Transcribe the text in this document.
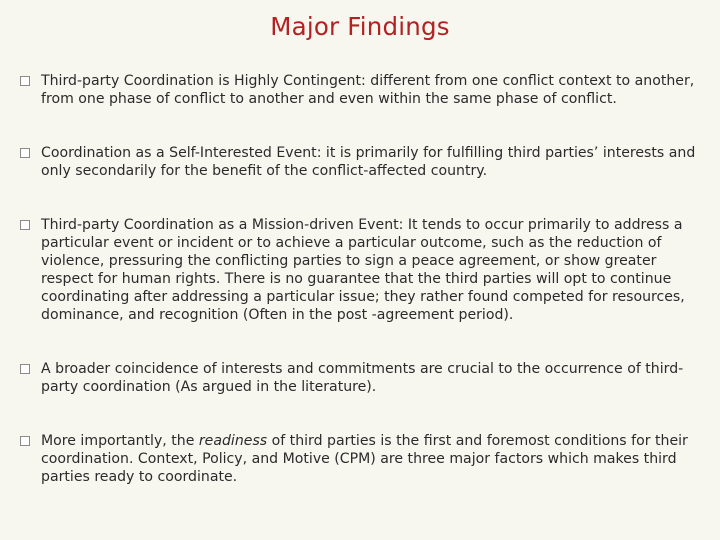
Major Findings
Third-party Coordination is Highly Contingent: different from one conflict context to another, from one phase of conflict to another and even within the same phase of conflict.
Coordination as a Self-Interested Event: it is primarily for fulfilling third parties’ interests and only secondarily for the benefit of the conflict-affected country.
Third-party Coordination as a Mission-driven Event: It tends to occur primarily to address a particular event or incident or to achieve a particular outcome, such as the reduction of violence, pressuring the conflicting parties to sign a peace agreement, or show greater respect for human rights. There is no guarantee that the third parties will opt to continue coordinating after addressing a particular issue; they rather found competed for resources, dominance, and recognition (Often in the post -agreement period).
A broader coincidence of interests and commitments are crucial to the occurrence of third-party coordination (As argued in the literature).
More importantly, the readiness of third parties is the first and foremost conditions for their coordination. Context, Policy, and Motive (CPM) are three major factors which makes third parties ready to coordinate.
